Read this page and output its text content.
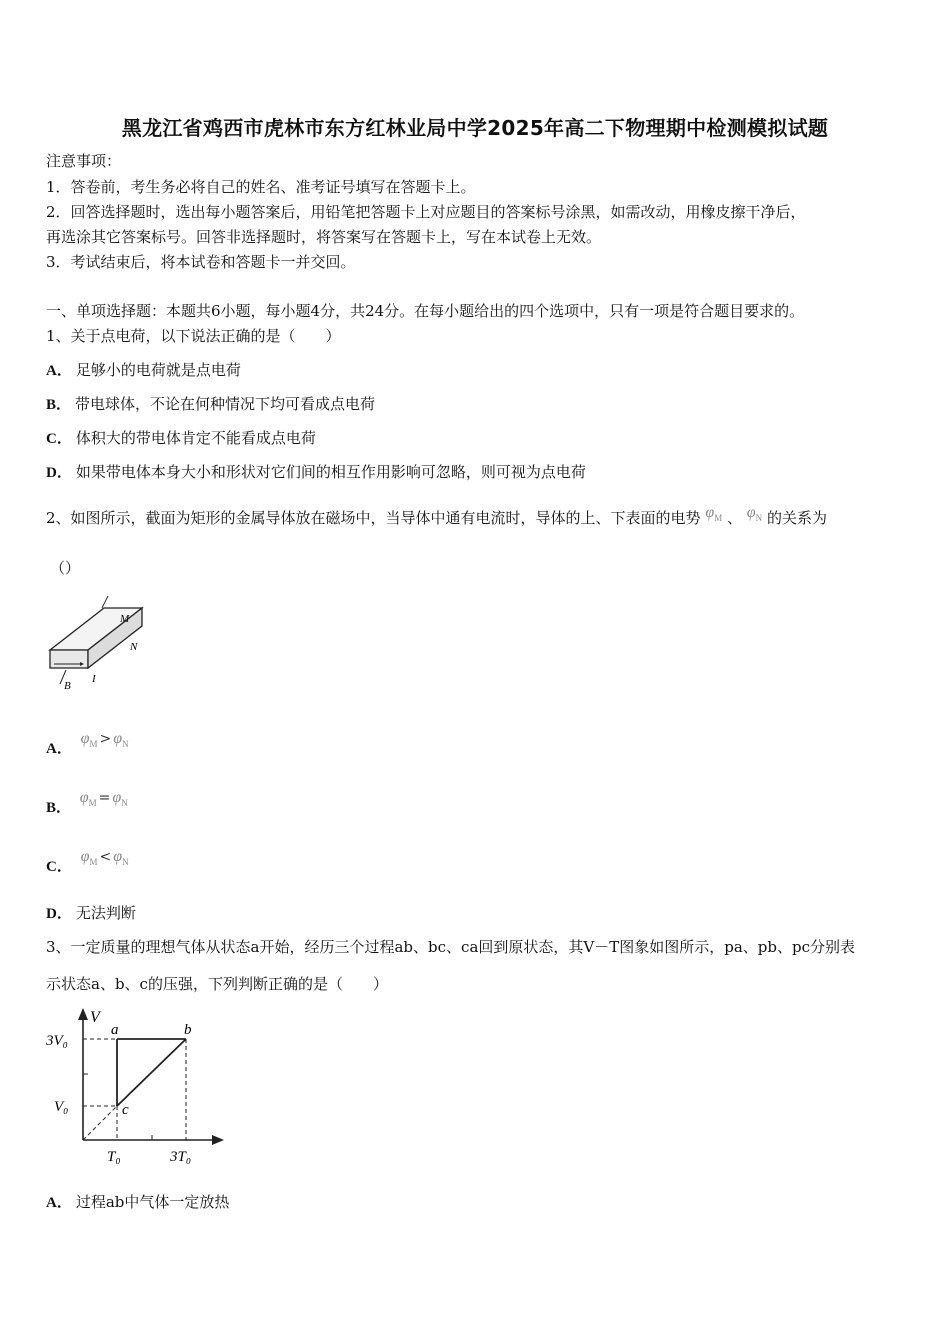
黑龙江省鸡西市虎林市东方红林业局中学2025年高二下物理期中检测模拟试题
注意事项：
1．答卷前，考生务必将自己的姓名、准考证号填写在答题卡上。
2．回答选择题时，选出每小题答案后，用铅笔把答题卡上对应题目的答案标号涂黑，如需改动，用橡皮擦干净后，
再选涂其它答案标号。回答非选择题时，将答案写在答题卡上，写在本试卷上无效。
3．考试结束后，将本试卷和答题卡一并交回。
一、单项选择题：本题共6小题，每小题4分，共24分。在每小题给出的四个选项中，只有一项是符合题目要求的。
1、关于点电荷，以下说法正确的是（　　）
A． 足够小的电荷就是点电荷
B． 带电球体，不论在何种情况下均可看成点电荷
C． 体积大的带电体肯定不能看成点电荷
D． 如果带电体本身大小和形状对它们间的相互作用影响可忽略，则可视为点电荷
2、如图所示，截面为矩形的金属导体放在磁场中，当导体中通有电流时，导体的上、下表面的电势 $\varphi_M$ 、 $\varphi_N$ 的关系为
（）
M
N
B
I
A． $\varphi_M > \varphi_N$
B． $\varphi_M = \varphi_N$
C． $\varphi_M < \varphi_N$
D． 无法判断
3、一定质量的理想气体从状态a开始，经历三个过程ab、bc、ca回到原状态，其V－T图象如图所示，pa、pb、pc分别表
示状态a、b、c的压强，下列判断正确的是（　　）
V
3V₀
V₀
T₀	3T₀
a	b
c
A． 过程ab中气体一定放热
